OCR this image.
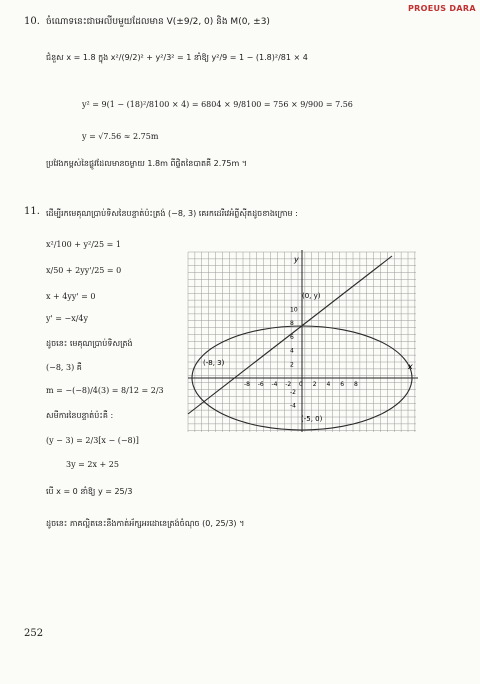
PROEUS DARA
10. ចំណោទនេះជាអេលីបមួយដែលមាន V(±9/2, 0) និង M(0, ±3)
ជំនួស x = 1.8 ក្នុង x²/(9/2)² + y²/3² = 1 នាំឱ្យ y²/9 = 1 − (1.8)²/81 × 4
y² = 9(1 − (18)²/8100 × 4) = 6804 × 9/8100 = 756 × 9/900 = 7.56
y = √7.56 ≈ 2.75m
ប្រវែងកម្ពស់នៃផ្លូវដែលមានចម្ងាយ 1.8m ពីផ្ចិតនៃបាតគឺ 2.75m ។
11. ដើម្បីរកមេគុណប្រាប់ទិសនៃបន្ទាត់ប៉ះត្រង់ (−8, 3) គេរកដេរីវេអំព្លីស៊ីតដូចខាងក្រោម :
x²/100 + y²/25 = 1
x/50 + 2yy'/25 = 0
x + 4yy' = 0
y' = −x/4y
ដូចនេះ មេគុណប្រាប់ទិសត្រង់
(−8, 3) គឺ
m = −(−8)/4(3) = 8/12 = 2/3
សមីការនៃបន្ទាត់ប៉ះគឺ :
(y − 3) = 2/3[x − (−8)]
3y = 2x + 25
បើ x = 0 នាំឱ្យ y = 25/3
ដូចនេះ ភាគល្អិតនេះនឹងកាត់អ័ក្សអរដោនេត្រង់ចំណុច (0, 25/3) ។
-8 -6 -4 -2 0 2 4 6 8
10
8
6
4
2
-2
-4
x
y
(-8, 3)
(0, y)
(-5, 0)
252
